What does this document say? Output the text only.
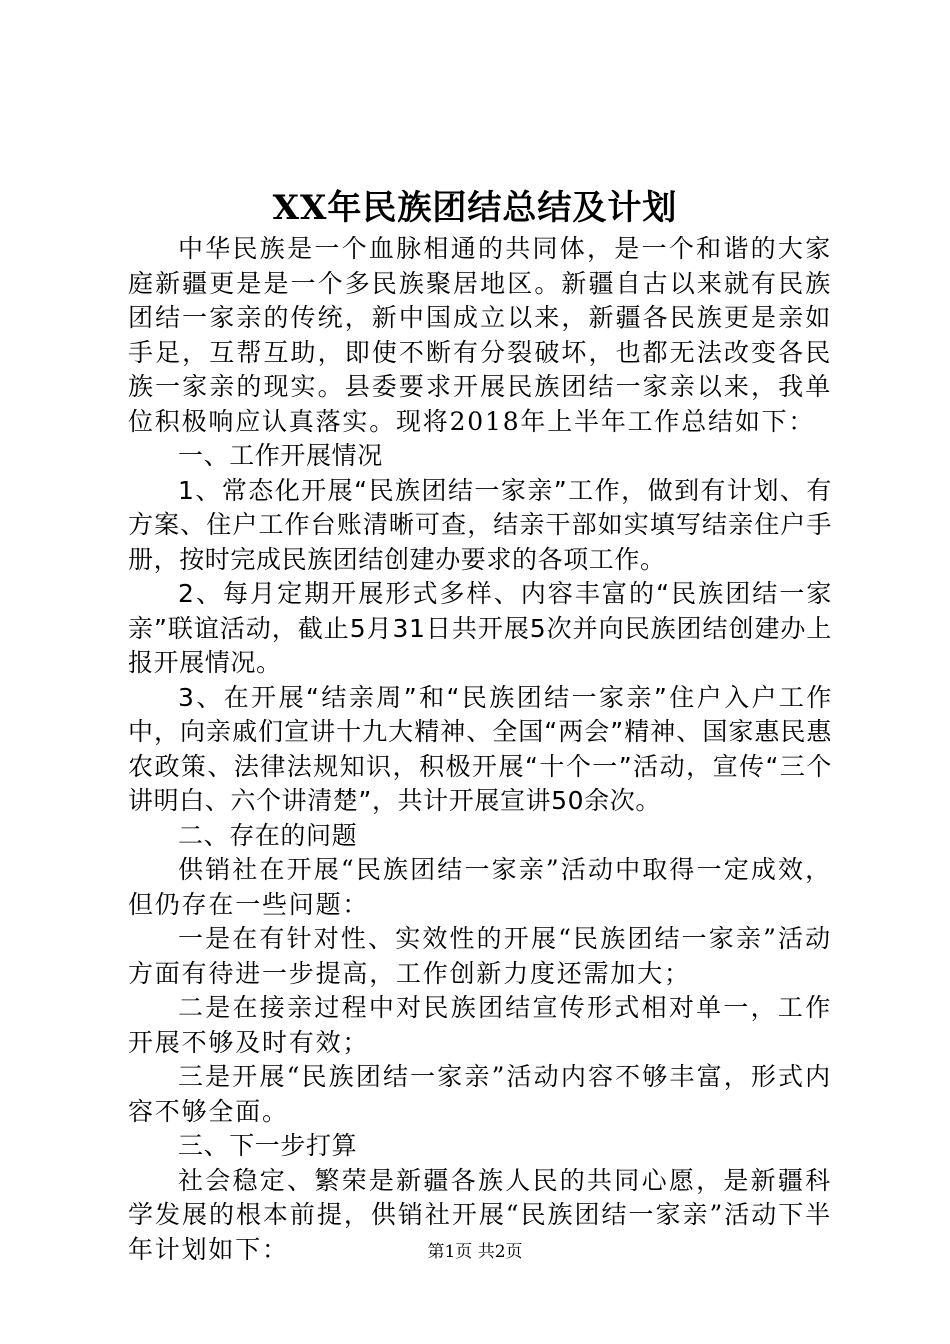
XX年民族团结总结及计划

中华民族是一个血脉相通的共同体，是一个和谐的大家庭新疆更是是一个多民族聚居地区。新疆自古以来就有民族团结一家亲的传统，新中国成立以来，新疆各民族更是亲如手足，互帮互助，即使不断有分裂破坏，也都无法改变各民族一家亲的现实。县委要求开展民族团结一家亲以来，我单位积极响应认真落实。现将2018年上半年工作总结如下：

一、工作开展情况

1、常态化开展“民族团结一家亲”工作，做到有计划、有方案、住户工作台账清晰可查，结亲干部如实填写结亲住户手册，按时完成民族团结创建办要求的各项工作。

2、每月定期开展形式多样、内容丰富的“民族团结一家亲”联谊活动，截止5月31日共开展5次并向民族团结创建办上报开展情况。

3、在开展“结亲周”和“民族团结一家亲”住户入户工作中，向亲戚们宣讲十九大精神、全国“两会”精神、国家惠民惠农政策、法律法规知识，积极开展“十个一”活动，宣传“三个讲明白、六个讲清楚”，共计开展宣讲50余次。

二、存在的问题

供销社在开展“民族团结一家亲”活动中取得一定成效，但仍存在一些问题：

一是在有针对性、实效性的开展“民族团结一家亲”活动方面有待进一步提高，工作创新力度还需加大；

二是在接亲过程中对民族团结宣传形式相对单一，工作开展不够及时有效；

三是开展“民族团结一家亲”活动内容不够丰富，形式内容不够全面。

三、下一步打算

社会稳定、繁荣是新疆各族人民的共同心愿，是新疆科学发展的根本前提，供销社开展“民族团结一家亲”活动下半年计划如下：	第1页 共2页
